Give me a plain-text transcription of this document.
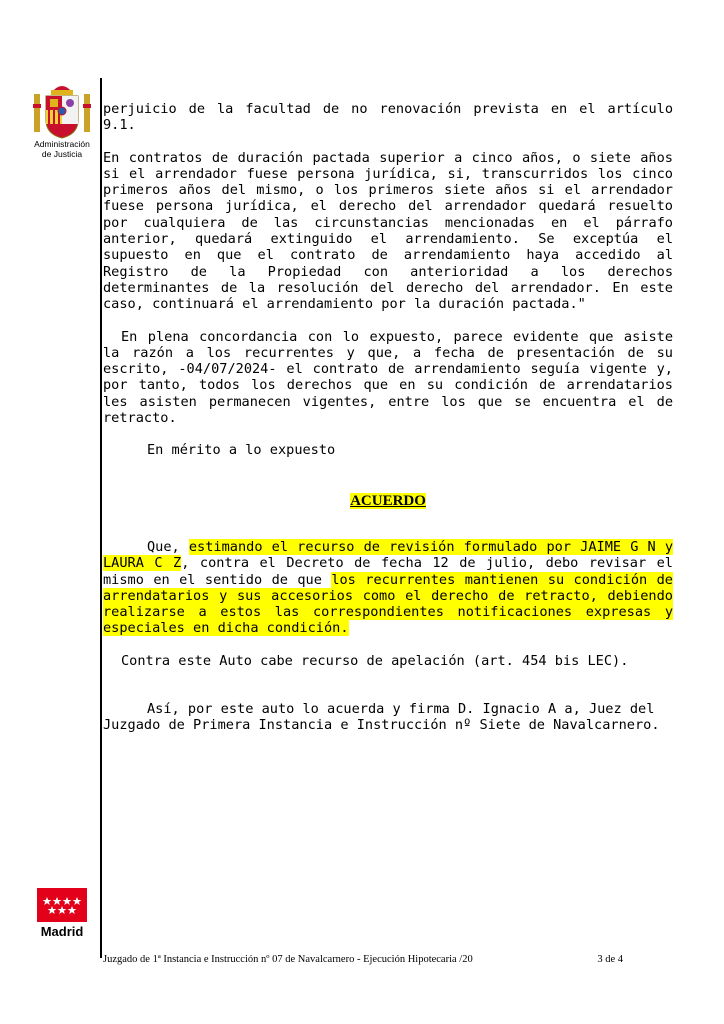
Administración
de Justicia

perjuicio de la facultad de no renovación prevista en el artículo 9.1.

En contratos de duración pactada superior a cinco años, o siete años si el arrendador fuese persona jurídica, si, transcurridos los cinco primeros años del mismo, o los primeros siete años si el arrendador fuese persona jurídica, el derecho del arrendador quedará resuelto por cualquiera de las circunstancias mencionadas en el párrafo anterior, quedará extinguido el arrendamiento. Se exceptúa el supuesto en que el contrato de arrendamiento haya accedido al Registro de la Propiedad con anterioridad a los derechos determinantes de la resolución del derecho del arrendador. En este caso, continuará el arrendamiento por la duración pactada."

En plena concordancia con lo expuesto, parece evidente que asiste la razón a los recurrentes y que, a fecha de presentación de su escrito, -04/07/2024- el contrato de arrendamiento seguía vigente y, por tanto, todos los derechos que en su condición de arrendatarios les asisten permanecen vigentes, entre los que se encuentra el de retracto.

En mérito a lo expuesto

ACUERDO

Que, estimando el recurso de revisión formulado por JAIME G N y LAURA C Z, contra el Decreto de fecha 12 de julio, debo revisar el mismo en el sentido de que los recurrentes mantienen su condición de arrendatarios y sus accesorios como el derecho de retracto, debiendo realizarse a estos las correspondientes notificaciones expresas y especiales en dicha condición.

Contra este Auto cabe recurso de apelación (art. 454 bis LEC).

Así, por este auto lo acuerda y firma D. Ignacio A a, Juez del Juzgado de Primera Instancia e Instrucción nº Siete de Navalcarnero.

Madrid
Juzgado de 1ª Instancia e Instrucción nº 07 de Navalcarnero - Ejecución Hipotecaria /20	3 de 4
